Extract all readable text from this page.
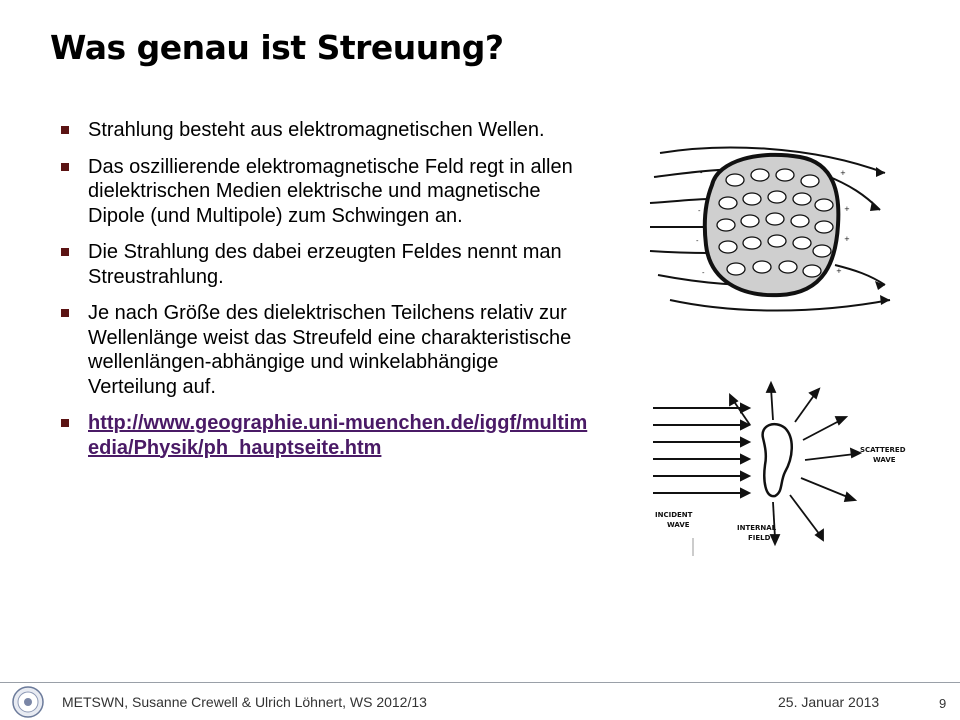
Was genau ist Streuung?
Strahlung besteht aus elektromagnetischen Wellen.
Das oszillierende elektromagnetische Feld regt in allen dielektrischen Medien elektrische und magnetische Dipole (und Multipole) zum Schwingen an.
Die Strahlung des dabei erzeugten Feldes nennt man Streustrahlung.
Je nach Größe des dielektrischen Teilchens relativ zur Wellenlänge weist das Streufeld eine charakteristische wellenlängen-abhängige und winkelabhängige Verteilung auf.
http://www.geographie.uni-muenchen.de/iggf/multimedia/Physik/ph_hauptseite.htm
-
-
-
-
+
+
+
+
SCATTERED
WAVE
INCIDENT
WAVE	INTERNAL
FIELD
METSWN, Susanne Crewell & Ulrich Löhnert, WS 2012/13	25. Januar 2013	9
